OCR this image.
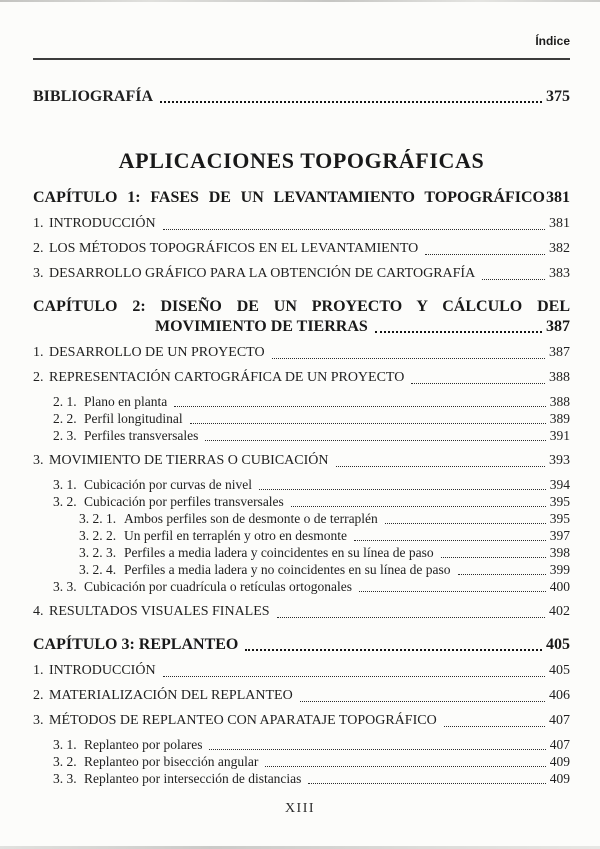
Índice
BIBLIOGRAFÍA	375
APLICACIONES TOPOGRÁFICAS
CAPÍTULO 1: FASES DE UN LEVANTAMIENTO TOPOGRÁFICO 381
1. INTRODUCCIÓN	381
2. LOS MÉTODOS TOPOGRÁFICOS EN EL LEVANTAMIENTO	382
3. DESARROLLO GRÁFICO PARA LA OBTENCIÓN DE CARTOGRAFÍA	383
CAPÍTULO 2: DISEÑO DE UN PROYECTO Y CÁLCULO DEL
MOVIMIENTO DE TIERRAS	387
1. DESARROLLO DE UN PROYECTO	387
2. REPRESENTACIÓN CARTOGRÁFICA DE UN PROYECTO	388
2. 1. Plano en planta	388
2. 2. Perfil longitudinal	389
2. 3. Perfiles transversales	391
3. MOVIMIENTO DE TIERRAS O CUBICACIÓN	393
3. 1. Cubicación por curvas de nivel	394
3. 2. Cubicación por perfiles transversales	395
3. 2. 1. Ambos perfiles son de desmonte o de terraplén	395
3. 2. 2. Un perfil en terraplén y otro en desmonte	397
3. 2. 3. Perfiles a media ladera y coincidentes en su línea de paso	398
3. 2. 4. Perfiles a media ladera y no coincidentes en su línea de paso	399
3. 3. Cubicación por cuadrícula o retículas ortogonales	400
4. RESULTADOS VISUALES FINALES	402
CAPÍTULO 3: REPLANTEO	405
1. INTRODUCCIÓN	405
2. MATERIALIZACIÓN DEL REPLANTEO	406
3. MÉTODOS DE REPLANTEO CON APARATAJE TOPOGRÁFICO	407
3. 1. Replanteo por polares	407
3. 2. Replanteo por bisección angular	409
3. 3. Replanteo por intersección de distancias	409
XIII
